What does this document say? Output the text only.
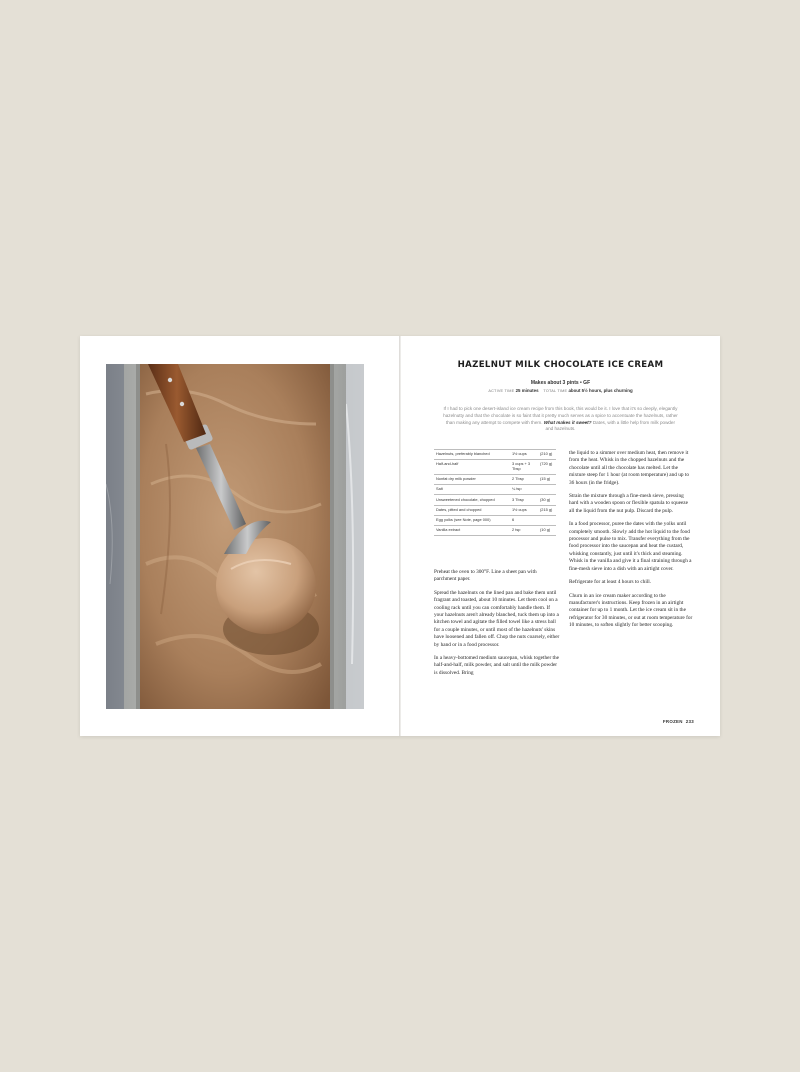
HAZELNUT MILK CHOCOLATE ICE CREAM
Makes about 3 pints • GF
ACTIVE TIME 25 minutes TOTAL TIME about 5½ hours, plus churning
If I had to pick one desert-island ice cream recipe from this book, this would be it. I love that it's so deeply, elegantly hazelnutty and that the chocolate is so faint that it pretty much serves as a spice to accentuate the hazelnuts, rather than making any attempt to compete with them. What makes it sweet? Dates, with a little help from milk powder and hazelnuts.
Hazelnuts, preferably blanched	1½ cups	(210 g)
Half-and-half	3 cups + 3 Tbsp	(720 g)
Nonfat dry milk powder	2 Tbsp	(15 g)
Salt	¼ tsp	
Unsweetened chocolate, chopped	3 Tbsp	(30 g)
Dates, pitted and chopped	1½ cups	(215 g)
Egg yolks (see Note, page 000)	6	
Vanilla extract	2 tsp	(10 g)

Preheat the oven to 300°F. Line a sheet pan with parchment paper.

Spread the hazelnuts on the lined pan and bake them until fragrant and toasted, about 10 minutes. Let them cool on a cooling rack until you can comfortably handle them. If your hazelnuts aren't already blanched, tuck them up into a kitchen towel and agitate the filled towel like a stress ball for a couple minutes, or until most of the hazelnuts' skins have loosened and fallen off. Chop the nuts coarsely, either by hand or in a food processor.

In a heavy-bottomed medium saucepan, whisk together the half-and-half, milk powder, and salt until the milk powder is dissolved. Bring

the liquid to a simmer over medium heat, then remove it from the heat. Whisk in the chopped hazelnuts and the chocolate until all the chocolate has melted. Let the mixture steep for 1 hour (at room temperature) and up to 36 hours (in the fridge).

Strain the mixture through a fine-mesh sieve, pressing hard with a wooden spoon or flexible spatula to squeeze all the liquid from the nut pulp. Discard the pulp.

In a food processor, puree the dates with the yolks until completely smooth. Slowly add the hot liquid to the food processor and pulse to mix. Transfer everything from the food processor into the saucepan and heat the custard, whisking constantly, just until it's thick and steaming. Whisk in the vanilla and give it a final straining through a fine-mesh sieve into a dish with an airtight cover.

Refrigerate for at least 4 hours to chill.

Churn in an ice cream maker according to the manufacturer's instructions. Keep frozen in an airtight container for up to 1 month. Let the ice cream sit in the refrigerator for 30 minutes, or out at room temperature for 10 minutes, to soften slightly for better scooping.

FROZEN 233
